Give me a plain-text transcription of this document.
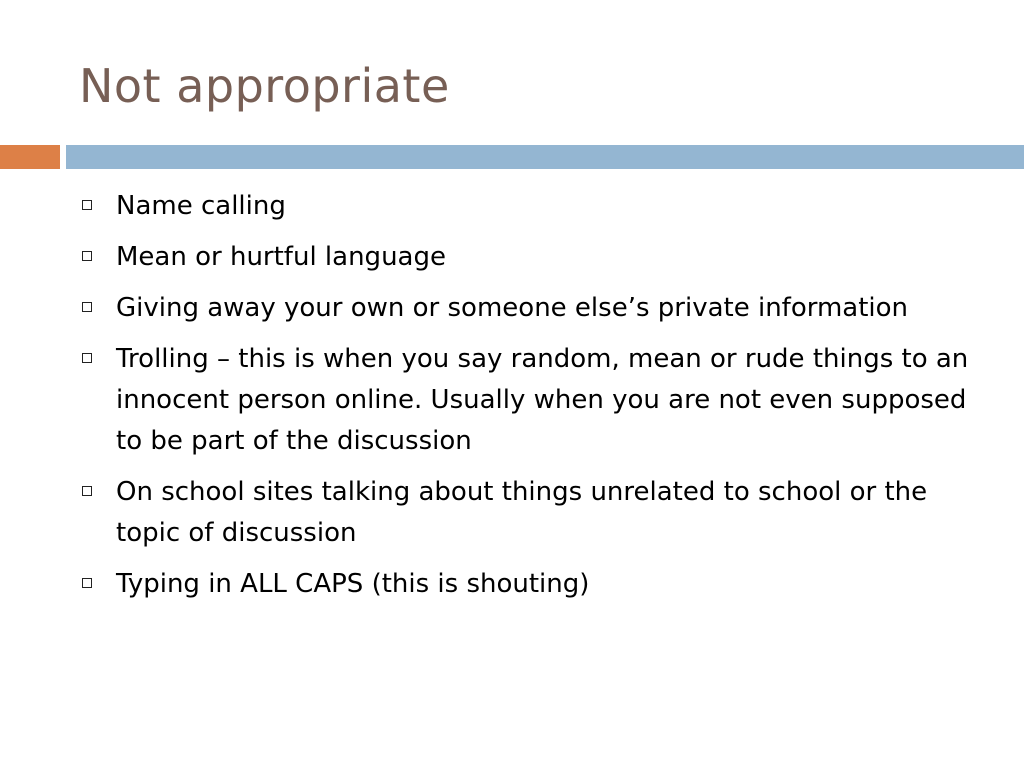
Not appropriate
Name calling
Mean or hurtful language
Giving away your own or someone else’s private information
Trolling – this is when you say random, mean or rude things to an innocent person online. Usually when you are not even supposed to be part of the discussion
On school sites talking about things unrelated to school or the topic of discussion
Typing in ALL CAPS (this is shouting)
